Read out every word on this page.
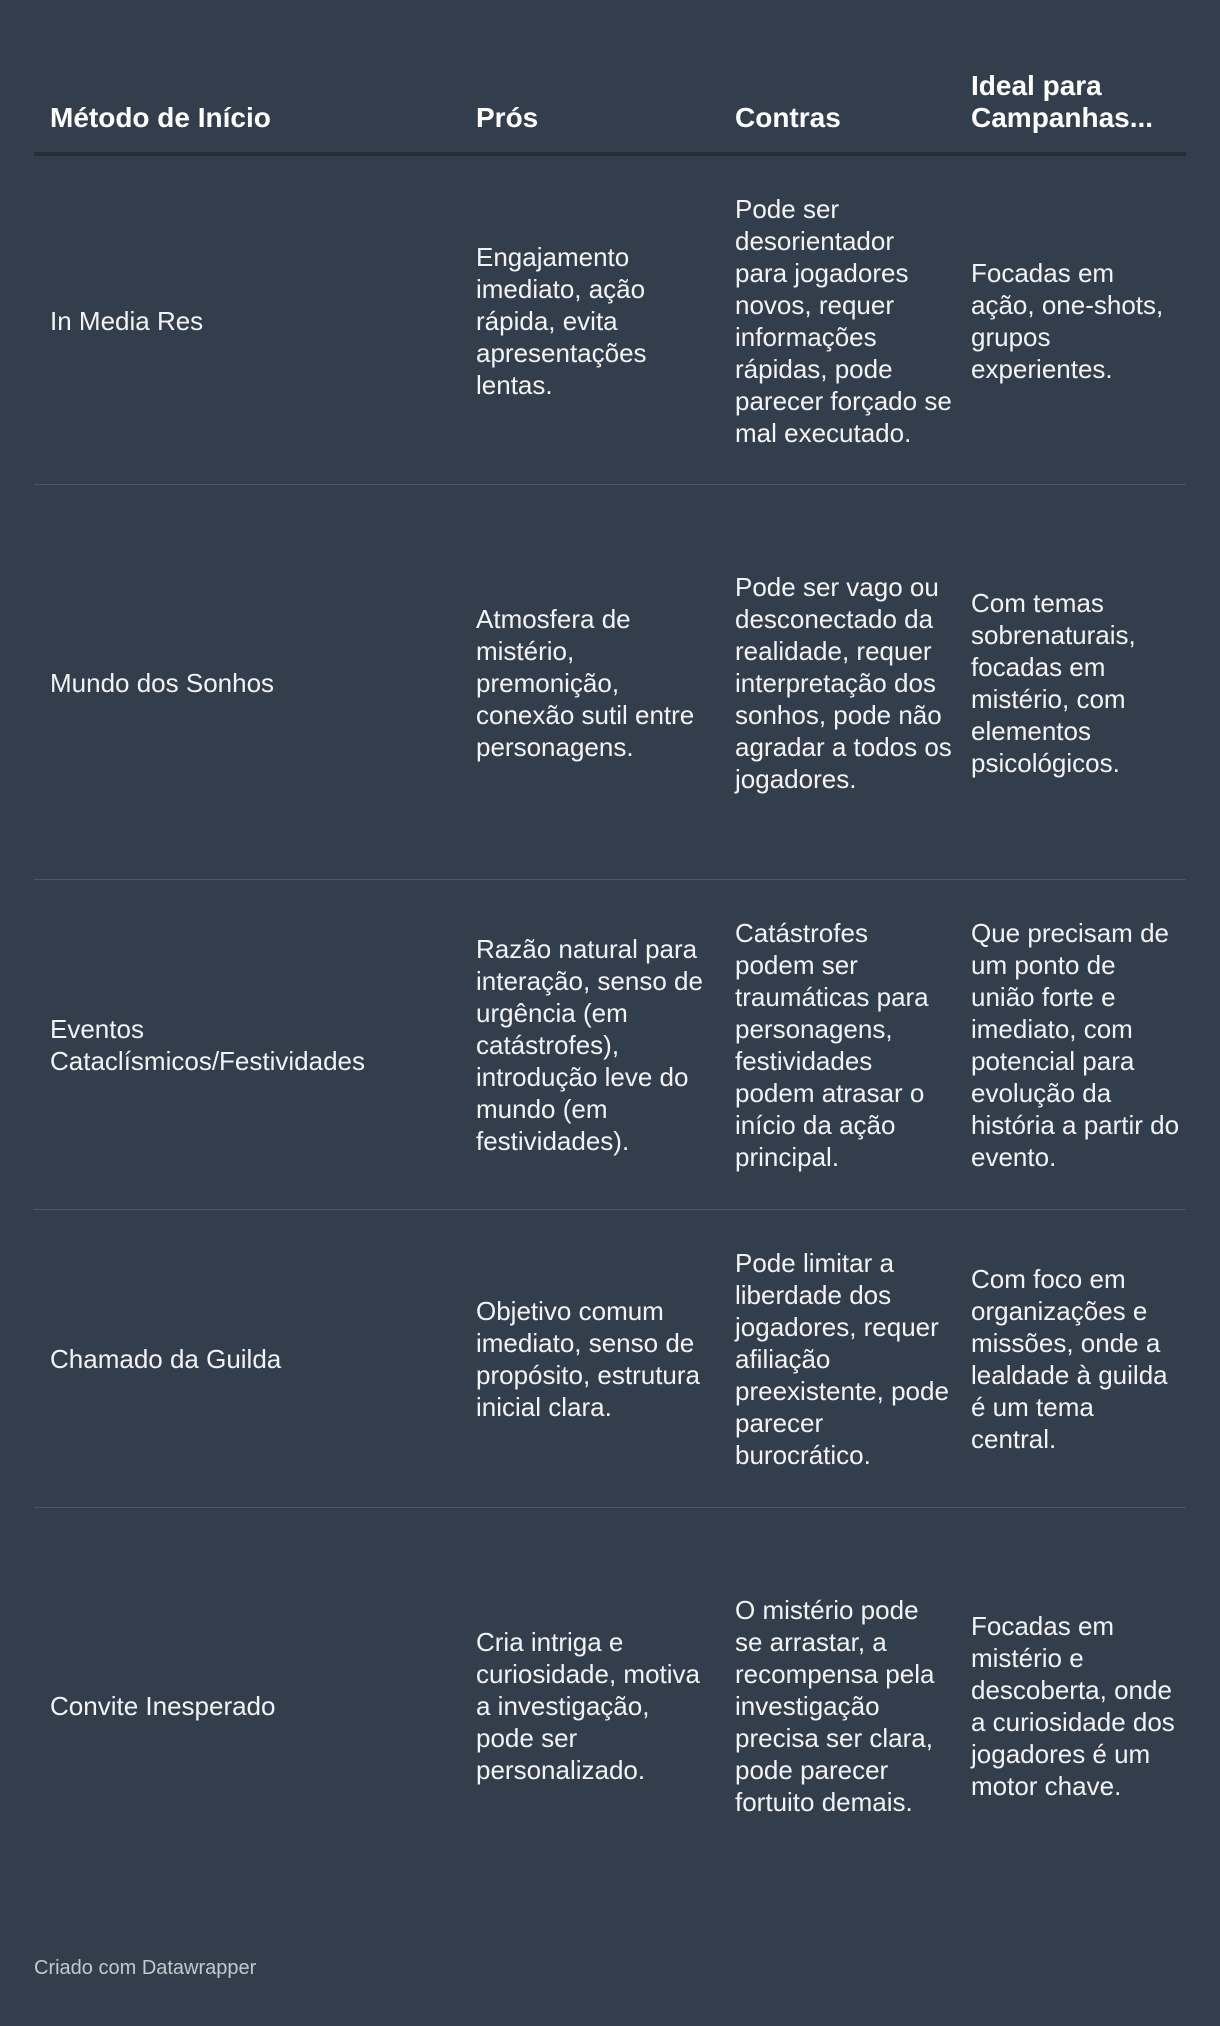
Método de Início	Prós	Contras	Ideal para Campanhas...
In Media Res	Engajamento imediato, ação rápida, evita apresentações lentas.	Pode ser desorientador para jogadores novos, requer informações rápidas, pode parecer forçado se mal executado.	Focadas em ação, one-shots, grupos experientes.
Mundo dos Sonhos	Atmosfera de mistério, premonição, conexão sutil entre personagens.	Pode ser vago ou desconectado da realidade, requer interpretação dos sonhos, pode não agradar a todos os jogadores.	Com temas sobrenaturais, focadas em mistério, com elementos psicológicos.
Eventos Cataclísmicos/Festividades	Razão natural para interação, senso de urgência (em catástrofes), introdução leve do mundo (em festividades).	Catástrofes podem ser traumáticas para personagens, festividades podem atrasar o início da ação principal.	Que precisam de um ponto de união forte e imediato, com potencial para evolução da história a partir do evento.
Chamado da Guilda	Objetivo comum imediato, senso de propósito, estrutura inicial clara.	Pode limitar a liberdade dos jogadores, requer afiliação preexistente, pode parecer burocrático.	Com foco em organizações e missões, onde a lealdade à guilda é um tema central.
Convite Inesperado	Cria intriga e curiosidade, motiva a investigação, pode ser personalizado.	O mistério pode se arrastar, a recompensa pela investigação precisa ser clara, pode parecer fortuito demais.	Focadas em mistério e descoberta, onde a curiosidade dos jogadores é um motor chave.
Criado com Datawrapper
